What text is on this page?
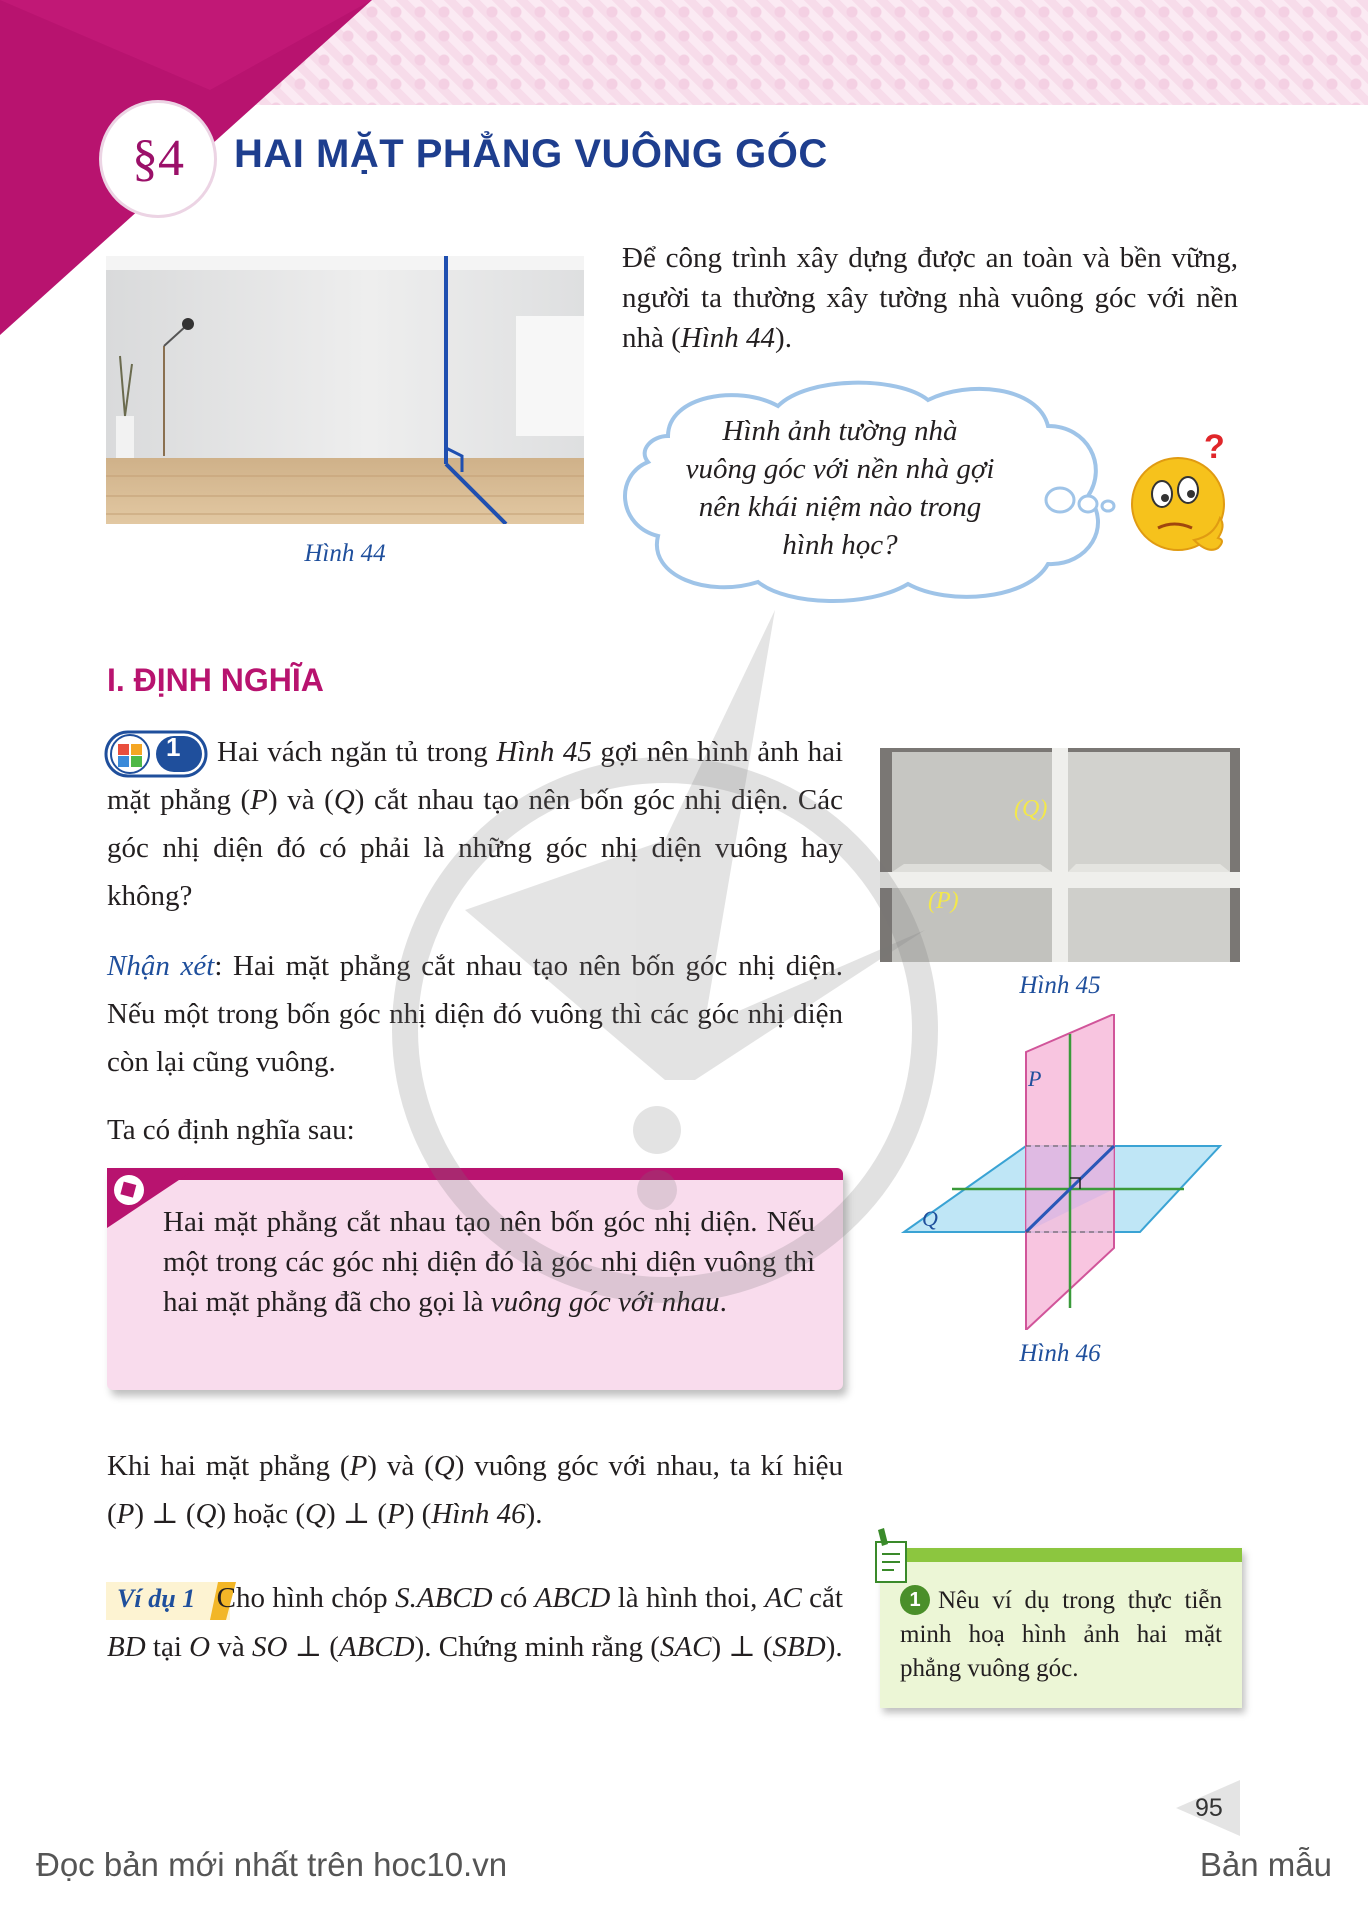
§4	HAI MẶT PHẲNG VUÔNG GÓC
Hình 44
Để công trình xây dựng được an toàn và bền vững, người ta thường xây tường nhà vuông góc với nền nhà (Hình 44).
Hình ảnh tường nhà
vuông góc với nền nhà gợi
nên khái niệm nào trong
hình học?
?
I. ĐỊNH NGHĨA
1	Hai vách ngăn tủ trong Hình 45 gợi nên hình ảnh hai mặt phẳng (P) và (Q) cắt nhau tạo nên bốn góc nhị diện. Các góc nhị diện đó có phải là những góc nhị diện vuông hay không?
Nhận xét: Hai mặt phẳng cắt nhau tạo nên bốn góc nhị diện. Nếu một trong bốn góc nhị diện đó vuông thì các góc nhị diện còn lại cũng vuông.
Ta có định nghĩa sau:
Hai mặt phẳng cắt nhau tạo nên bốn góc nhị diện. Nếu một trong các góc nhị diện đó là góc nhị diện vuông thì hai mặt phẳng đã cho gọi là vuông góc với nhau.
Khi hai mặt phẳng (P) và (Q) vuông góc với nhau, ta kí hiệu (P) ⊥ (Q) hoặc (Q) ⊥ (P) (Hình 46).
Ví dụ 1 Cho hình chóp S.ABCD có ABCD là hình thoi, AC cắt BD tại O và SO ⊥ (ABCD). Chứng minh rằng (SAC) ⊥ (SBD).
(Q)
(P)
Hình 45
P
Q
Hình 46
1 Nêu ví dụ trong thực tiễn minh hoạ hình ảnh hai mặt phẳng vuông góc.
95
Đọc bản mới nhất trên hoc10.vn	Bản mẫu
